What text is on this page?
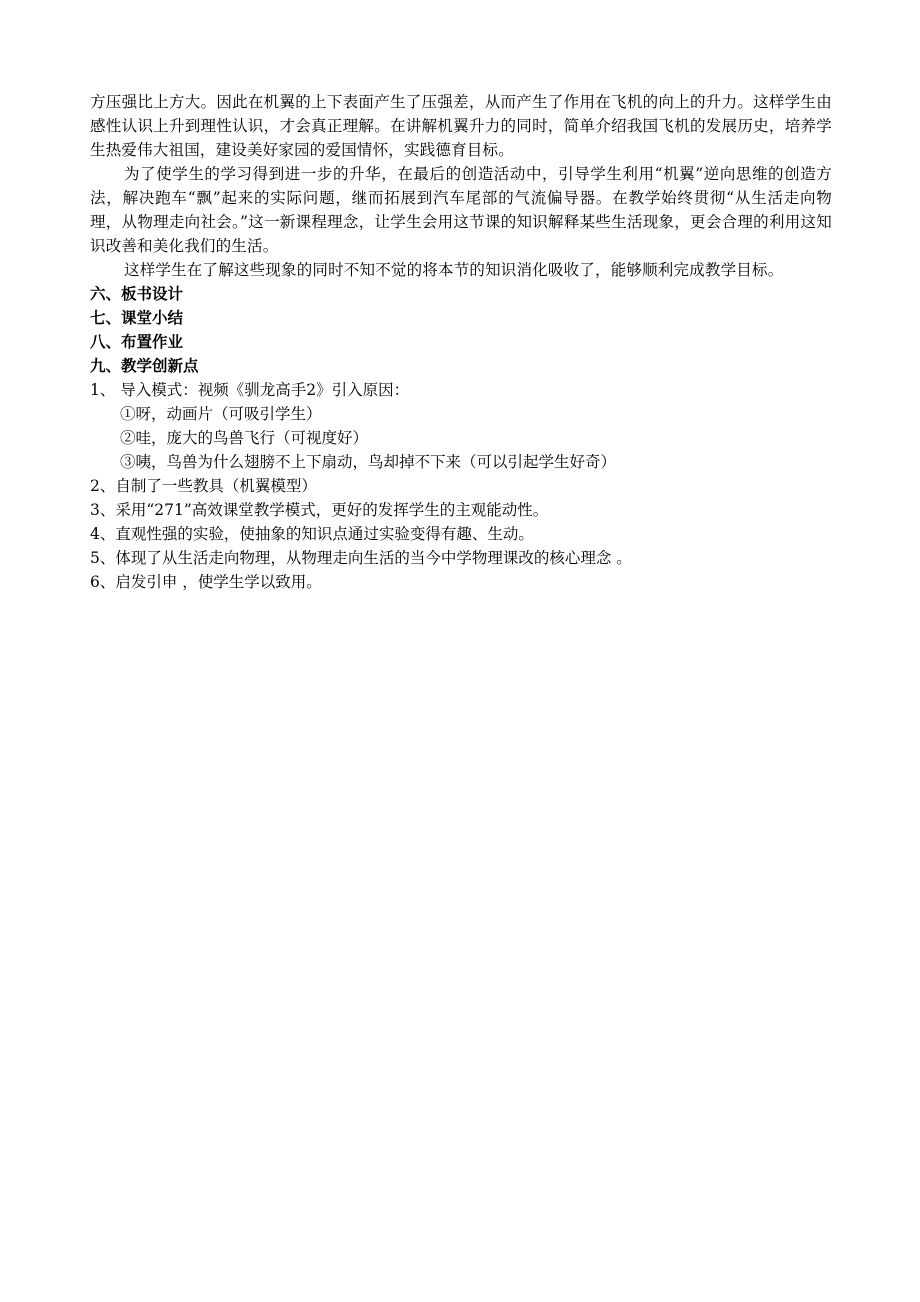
方压强比上方大。因此在机翼的上下表面产生了压强差，从而产生了作用在飞机的向上的升力。这样学生由感性认识上升到理性认识，才会真正理解。在讲解机翼升力的同时，简单介绍我国飞机的发展历史，培养学生热爱伟大祖国，建设美好家园的爱国情怀，实践德育目标。

为了使学生的学习得到进一步的升华，在最后的创造活动中，引导学生利用“机翼”逆向思维的创造方法，解决跑车“飘”起来的实际问题，继而拓展到汽车尾部的气流偏导器。在教学始终贯彻“从生活走向物理，从物理走向社会。”这一新课程理念，让学生会用这节课的知识解释某些生活现象，更会合理的利用这知识改善和美化我们的生活。

这样学生在了解这些现象的同时不知不觉的将本节的知识消化吸收了，能够顺利完成教学目标。

六、板书设计

七、课堂小结

八、布置作业

九、教学创新点

1、 导入模式：视频《驯龙高手2》引入原因：

①呀，动画片（可吸引学生）

②哇，庞大的鸟兽飞行（可视度好）

③咦，鸟兽为什么翅膀不上下扇动，鸟却掉不下来（可以引起学生好奇）

2、自制了一些教具（机翼模型）

3、采用“271”高效课堂教学模式，更好的发挥学生的主观能动性。

4、直观性强的实验，使抽象的知识点通过实验变得有趣、生动。

5、体现了从生活走向物理，从物理走向生活的当今中学物理课改的核心理念 。

6、启发引申 ，使学生学以致用。
